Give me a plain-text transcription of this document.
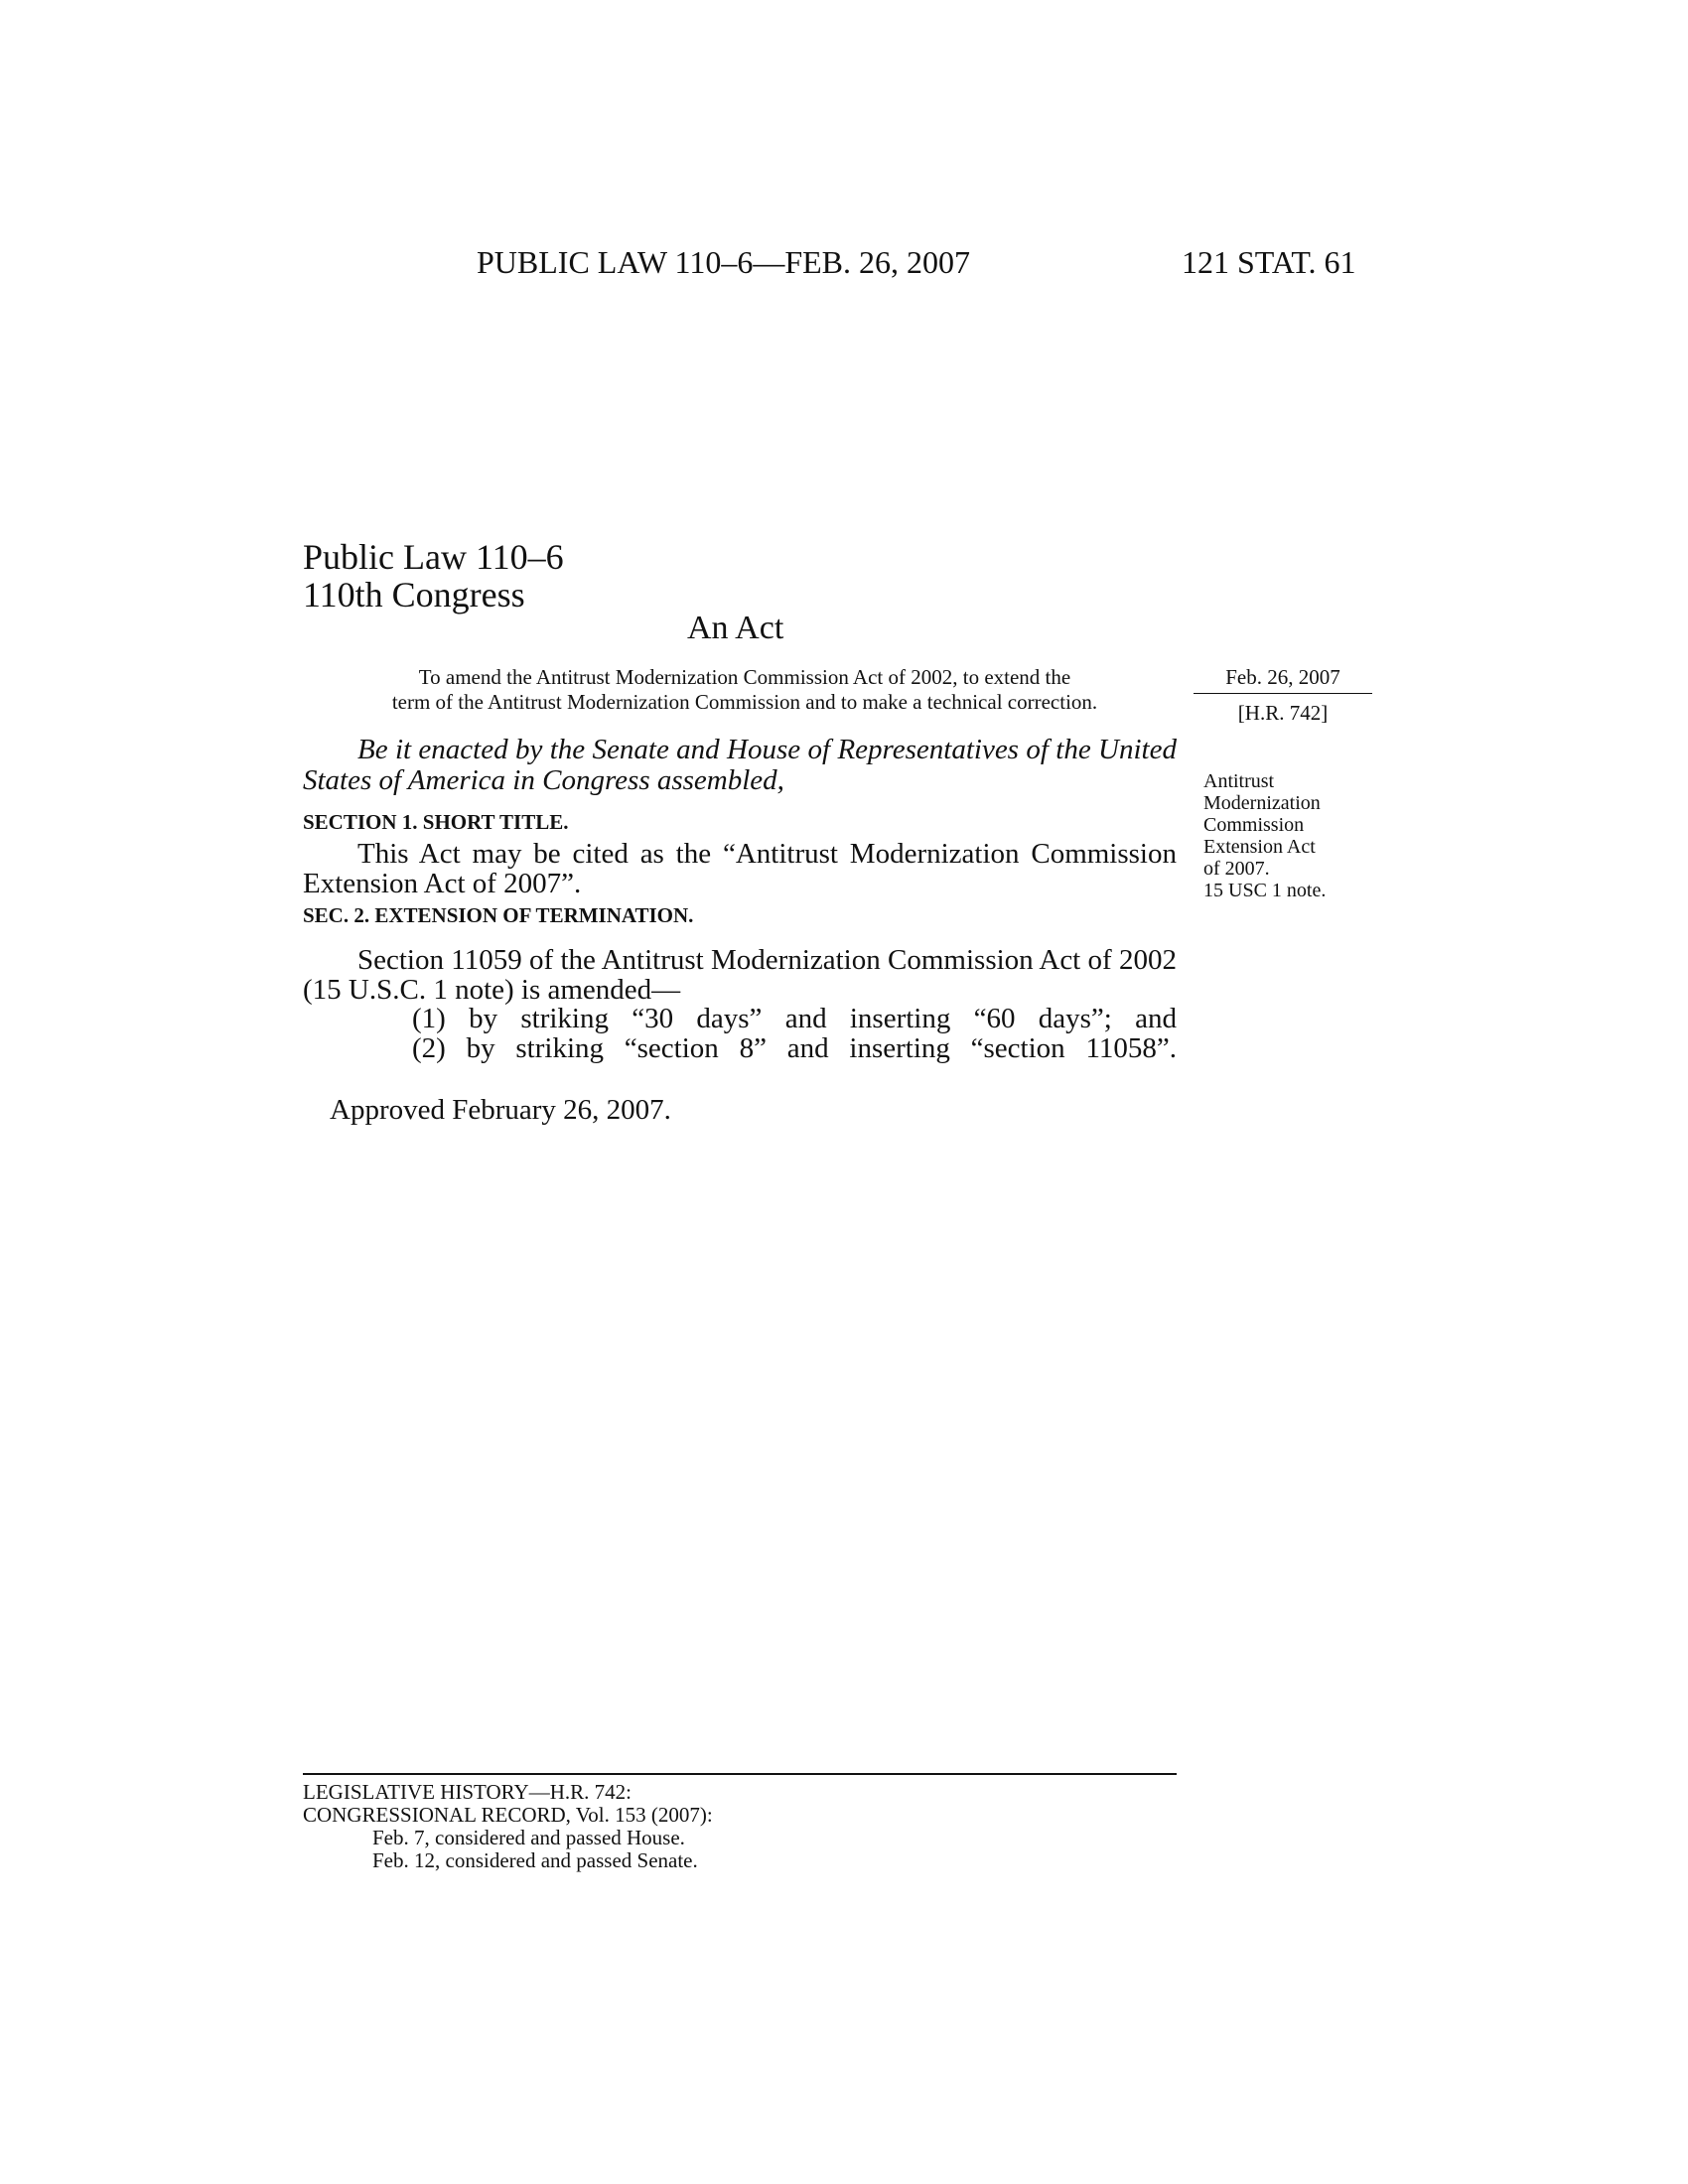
PUBLIC LAW 110–6—FEB. 26, 2007	121 STAT. 61
Public Law 110–6
110th Congress
An Act
To amend the Antitrust Modernization Commission Act of 2002, to extend the
term of the Antitrust Modernization Commission and to make a technical correction.
Feb. 26, 2007
[H.R. 742]
Antitrust
Modernization
Commission
Extension Act
of 2007.
15 USC 1 note.

Be it enacted by the Senate and House of Representatives of the United States of America in Congress assembled,

SECTION 1. SHORT TITLE.

This Act may be cited as the “Antitrust Modernization Commission Extension Act of 2007”.

SEC. 2. EXTENSION OF TERMINATION.

Section 11059 of the Antitrust Modernization Commission Act of 2002 (15 U.S.C. 1 note) is amended—

(1) by striking “30 days” and inserting “60 days”; and
(2) by striking “section 8” and inserting “section 11058”.
Approved February 26, 2007.
LEGISLATIVE HISTORY—H.R. 742:
CONGRESSIONAL RECORD, Vol. 153 (2007):
Feb. 7, considered and passed House.
Feb. 12, considered and passed Senate.
